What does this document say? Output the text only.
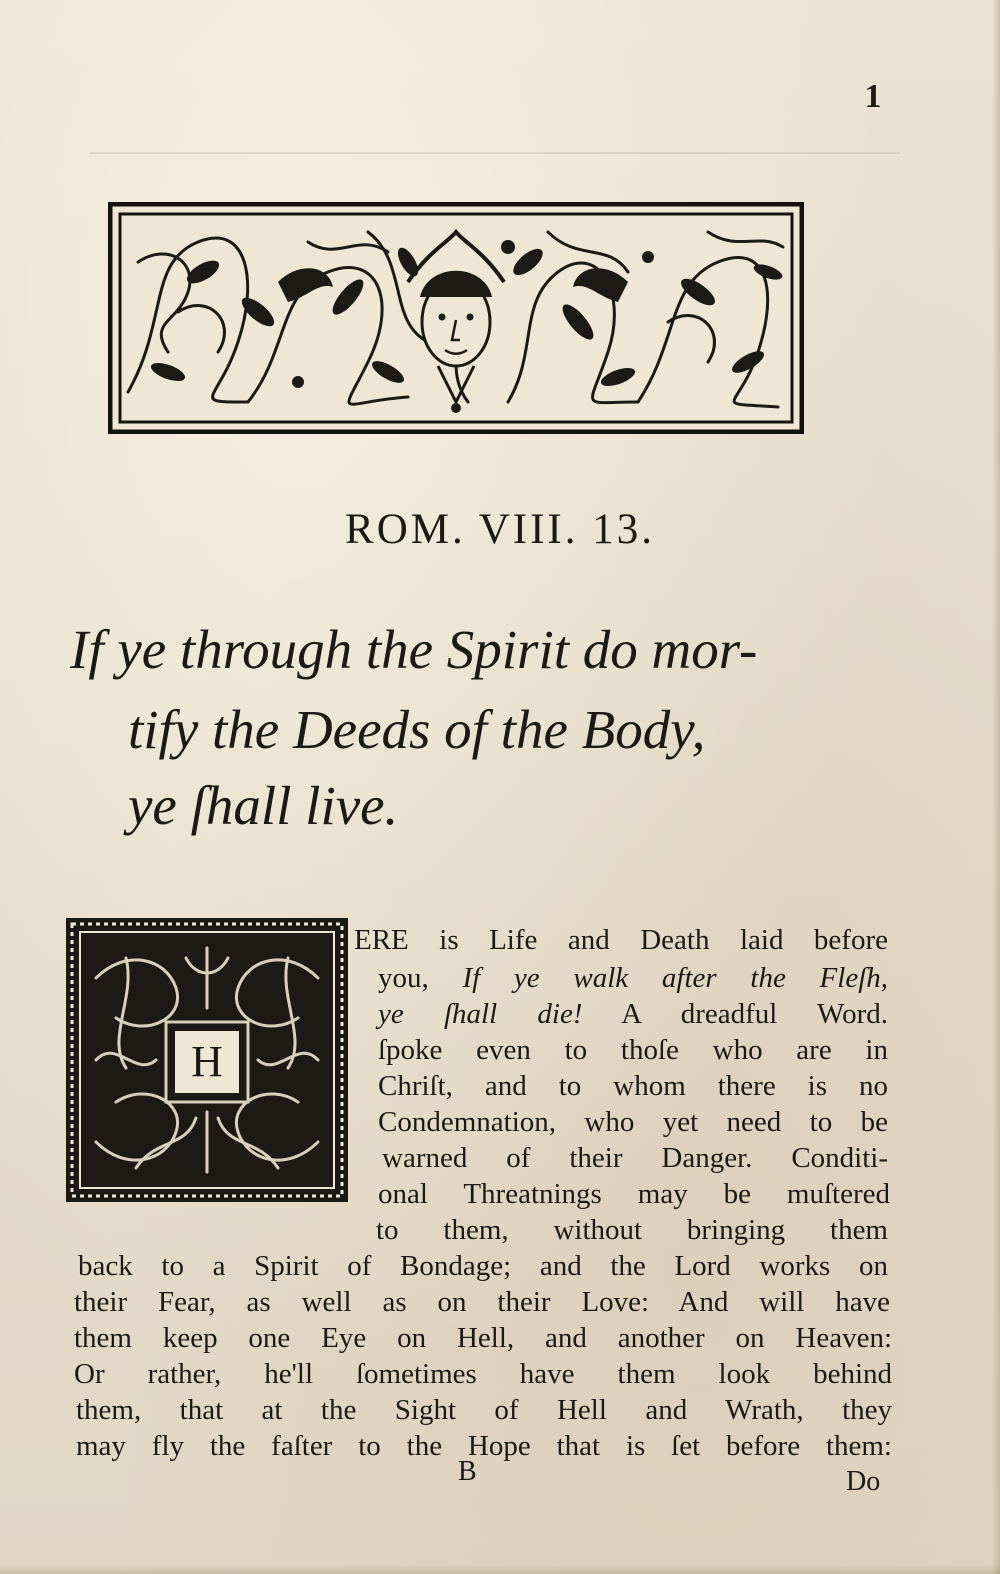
1
ROM. VIII. 13.
If ye through the Spirit do mor-
tify the Deeds of the Body,
ye ſhall live.
H
ERE is Life and Death laid before
you, If ye walk after the Fleſh,
ye ſhall die! A dreadful Word.
ſpoke even to thoſe who are in
Chriſt, and to whom there is no
Condemnation, who yet need to be
warned of their Danger. Conditi-
onal Threatnings may be muſtered
to them, without bringing them
back to a Spirit of Bondage; and the Lord works on
their Fear, as well as on their Love: And will have
them keep one Eye on Hell, and another on Heaven:
Or rather, he'll ſometimes have them look behind
them, that at the Sight of Hell and Wrath, they
may fly the faſter to the Hope that is ſet before them:
B	Do
